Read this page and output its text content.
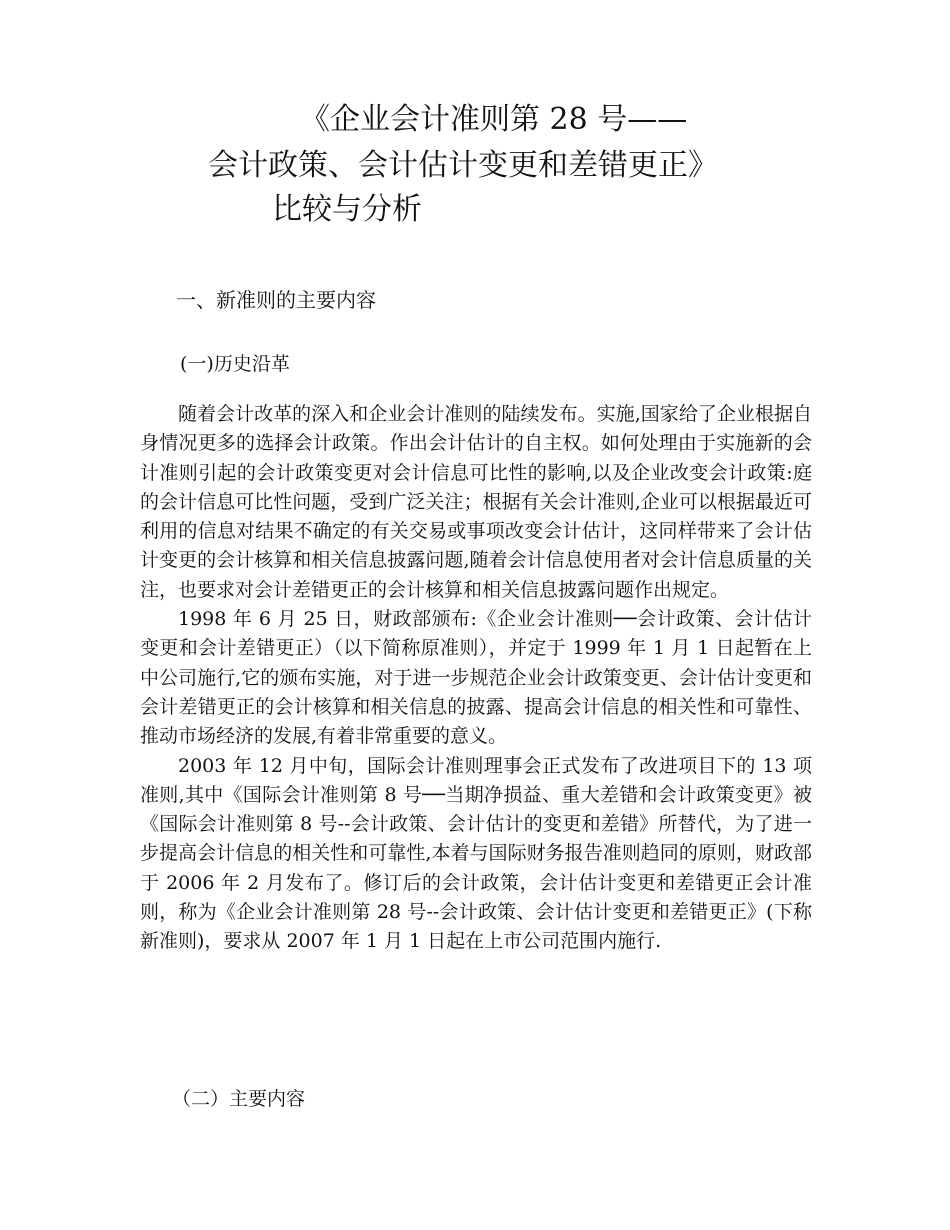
《企业会计准则第 28 号——
会计政策、会计估计变更和差错更正》
比较与分析
一、新准则的主要内容
(一)历史沿革

随着会计改革的深入和企业会计准则的陆续发布。实施,国家给了企业根据自身情况更多的选择会计政策。作出会计估计的自主权。如何处理由于实施新的会计准则引起的会计政策变更对会计信息可比性的影响,以及企业改变会计政策:庭的会计信息可比性问题，受到广泛关注；根据有关会计准则,企业可以根据最近可利用的信息对结果不确定的有关交易或事项改变会计估计，这同样带来了会计估计变更的会计核算和相关信息披露问题,随着会计信息使用者对会计信息质量的关注，也要求对会计差错更正的会计核算和相关信息披露问题作出规定。

1998 年 6 月 25 日，财政部颁布:《企业会计准则──会计政策、会计估计变更和会计差错更正）（以下简称原准则），并定于 1999 年 1 月 1 日起暂在上中公司施行,它的颁布实施，对于进一步规范企业会计政策变更、会计估计变更和会计差错更正的会计核算和相关信息的披露、提高会计信息的相关性和可靠性、推动市场经济的发展,有着非常重要的意义。

2003 年 12 月中旬，国际会计准则理事会正式发布了改进项目下的 13 项准则,其中《国际会计准则第 8 号──当期净损益、重大差错和会计政策变更》被《国际会计准则第 8 号--会计政策、会计估计的变更和差错》所替代，为了进一步提高会计信息的相关性和可靠性,本着与国际财务报告准则趋同的原则，财政部于 2006 年 2 月发布了。修订后的会计政策，会计估计变更和差错更正会计准则，称为《企业会计准则第 28 号--会计政策、会计估计变更和差错更正》(下称新准则)，要求从 2007 年 1 月 1 日起在上市公司范围内施行.

（二）主要内容
